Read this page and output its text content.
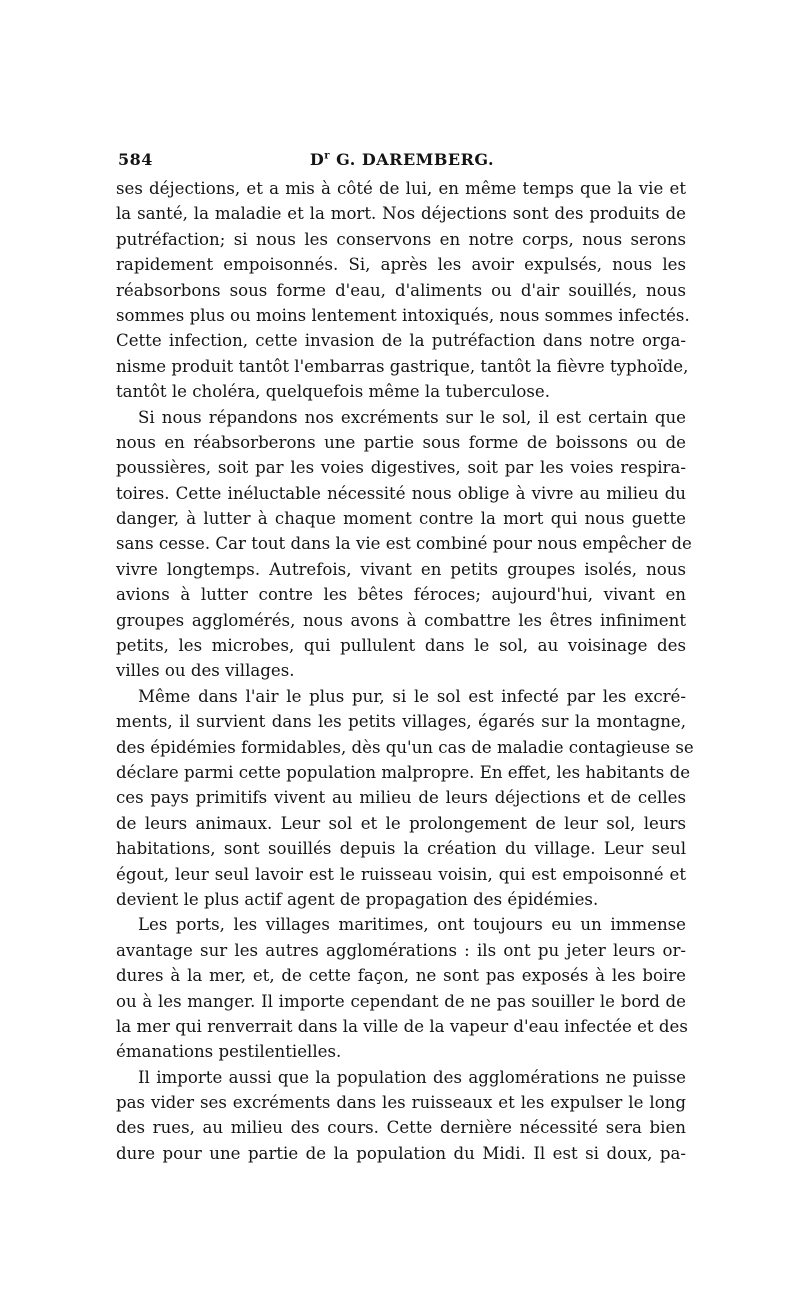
584	$D^r$ G. DAREMBERG.
ses déjections, et a mis à côté de lui, en même temps que la vie et
la santé, la maladie et la mort. Nos déjections sont des produits de
putréfaction; si nous les conservons en notre corps, nous serons
rapidement empoisonnés. Si, après les avoir expulsés, nous les
réabsorbons sous forme d'eau, d'aliments ou d'air souillés, nous
sommes plus ou moins lentement intoxiqués, nous sommes infectés.
Cette infection, cette invasion de la putréfaction dans notre orga-
nisme produit tantôt l'embarras gastrique, tantôt la fièvre typhoïde,
tantôt le choléra, quelquefois même la tuberculose.
Si nous répandons nos excréments sur le sol, il est certain que
nous en réabsorberons une partie sous forme de boissons ou de
poussières, soit par les voies digestives, soit par les voies respira-
toires. Cette inéluctable nécessité nous oblige à vivre au milieu du
danger, à lutter à chaque moment contre la mort qui nous guette
sans cesse. Car tout dans la vie est combiné pour nous empêcher de
vivre longtemps. Autrefois, vivant en petits groupes isolés, nous
avions à lutter contre les bêtes féroces; aujourd'hui, vivant en
groupes agglomérés, nous avons à combattre les êtres infiniment
petits, les microbes, qui pullulent dans le sol, au voisinage des
villes ou des villages.
Même dans l'air le plus pur, si le sol est infecté par les excré-
ments, il survient dans les petits villages, égarés sur la montagne,
des épidémies formidables, dès qu'un cas de maladie contagieuse se
déclare parmi cette population malpropre. En effet, les habitants de
ces pays primitifs vivent au milieu de leurs déjections et de celles
de leurs animaux. Leur sol et le prolongement de leur sol, leurs
habitations, sont souillés depuis la création du village. Leur seul
égout, leur seul lavoir est le ruisseau voisin, qui est empoisonné et
devient le plus actif agent de propagation des épidémies.
Les ports, les villages maritimes, ont toujours eu un immense
avantage sur les autres agglomérations : ils ont pu jeter leurs or-
dures à la mer, et, de cette façon, ne sont pas exposés à les boire
ou à les manger. Il importe cependant de ne pas souiller le bord de
la mer qui renverrait dans la ville de la vapeur d'eau infectée et des
émanations pestilentielles.
Il importe aussi que la population des agglomérations ne puisse
pas vider ses excréments dans les ruisseaux et les expulser le long
des rues, au milieu des cours. Cette dernière nécessité sera bien
dure pour une partie de la population du Midi. Il est si doux, pa-
